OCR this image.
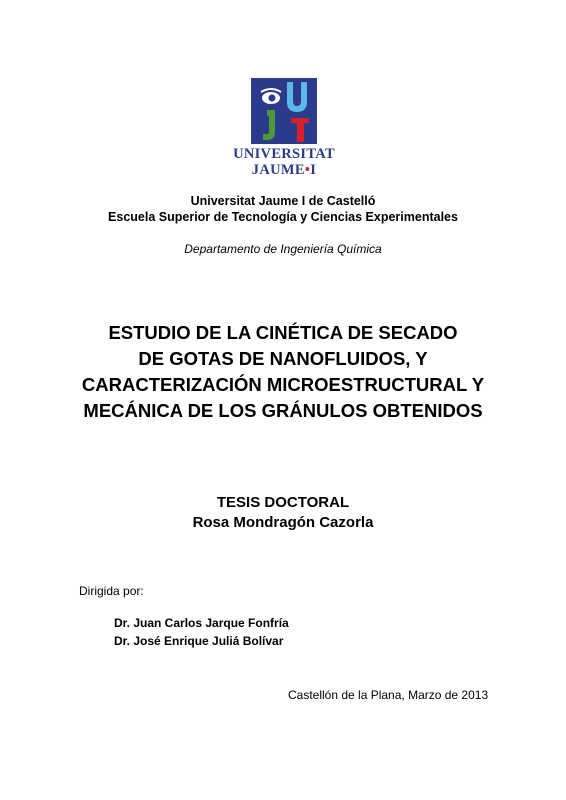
UNIVERSITAT
JAUME•I
Universitat Jaume I de Castelló
Escuela Superior de Tecnología y Ciencias Experimentales
Departamento de Ingeniería Química
ESTUDIO DE LA CINÉTICA DE SECADO
DE GOTAS DE NANOFLUIDOS, Y
CARACTERIZACIÓN MICROESTRUCTURAL Y
MECÁNICA DE LOS GRÁNULOS OBTENIDOS
TESIS DOCTORAL
Rosa Mondragón Cazorla
Dirigida por:
Dr. Juan Carlos Jarque Fonfría
Dr. José Enrique Juliá Bolívar
Castellón de la Plana, Marzo de 2013
